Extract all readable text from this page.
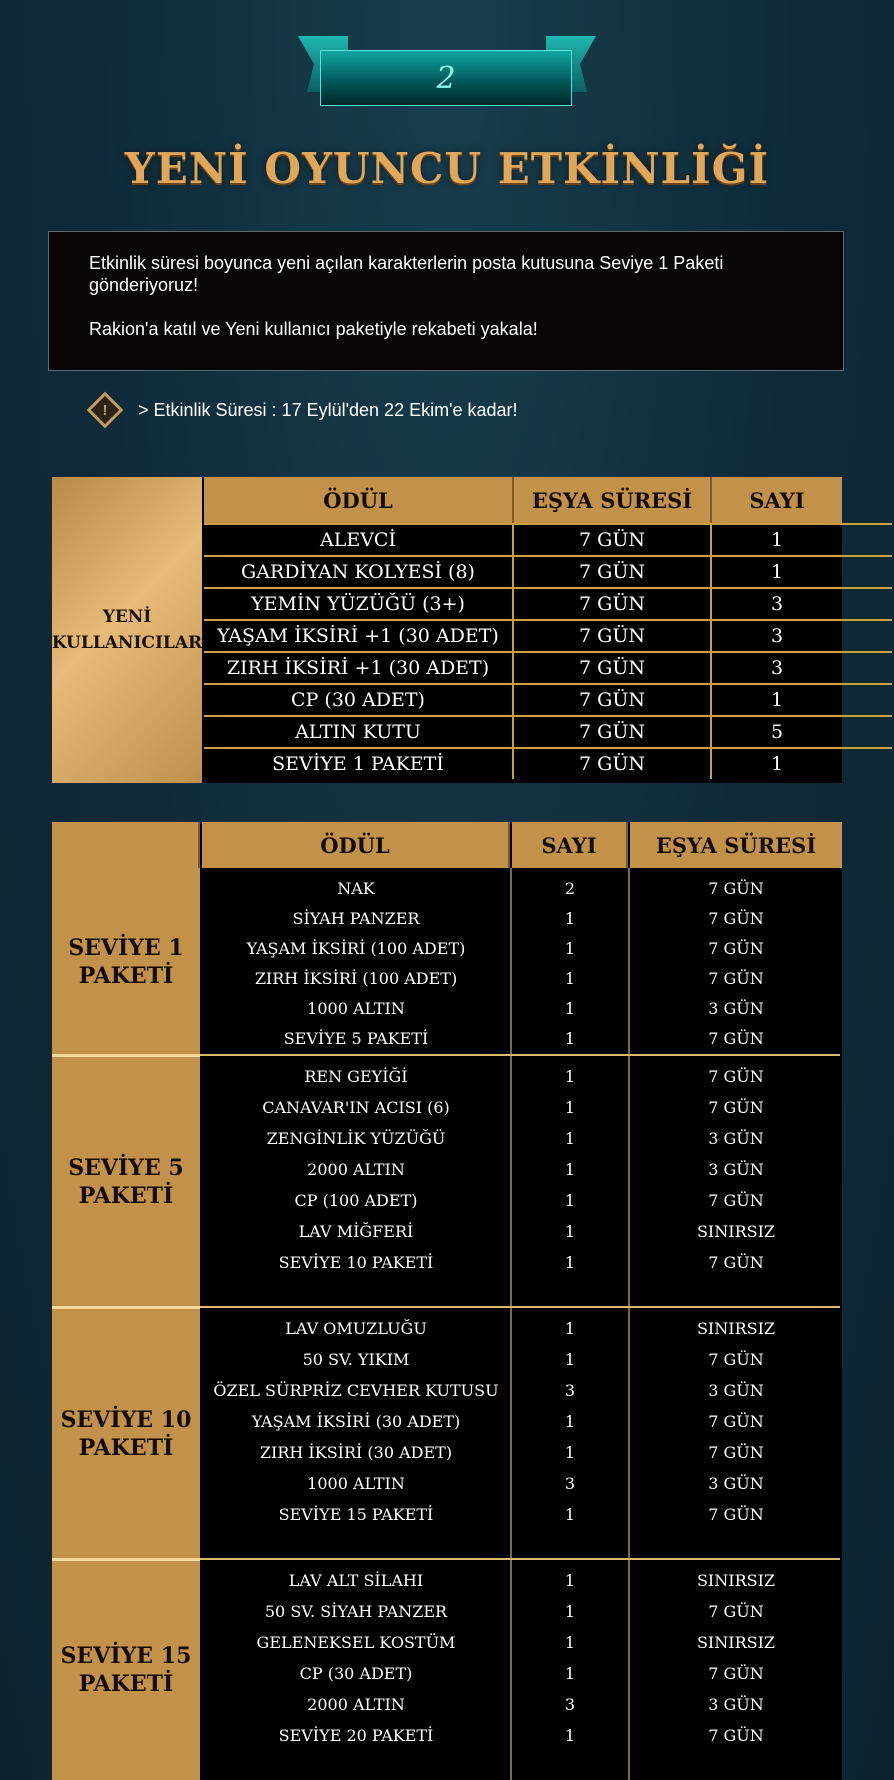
2
YENİ OYUNCU ETKİNLİĞİ

Etkinlik süresi boyunca yeni açılan karakterlerin posta kutusuna Seviye 1 Paketi gönderiyoruz!

Rakion'a katıl ve Yeni kullanıcı paketiyle rekabeti yakala!

! > Etkinlik Süresi : 17 Eylül'den 22 Ekim'e kadar!
YENİ
KULLANICILAR
ÖDÜL	EŞYA SÜRESİ	SAYI
ALEVCİ	7 GÜN	1
GARDİYAN KOLYESİ (8)	7 GÜN	1
YEMİN YÜZÜĞÜ (3+)	7 GÜN	3
YAŞAM İKSİRİ +1 (30 ADET)	7 GÜN	3
ZIRH İKSİRİ +1 (30 ADET)	7 GÜN	3
CP (30 ADET)	7 GÜN	1
ALTIN KUTU	7 GÜN	5
SEVİYE 1 PAKETİ	7 GÜN	1
ÖDÜL	SAYI	EŞYA SÜRESİ
SEVİYE 1
PAKETİ
NAK	2	7 GÜN
SİYAH PANZER	1	7 GÜN
YAŞAM İKSİRİ (100 ADET)	1	7 GÜN
ZIRH İKSİRİ (100 ADET)	1	7 GÜN
1000 ALTIN	1	3 GÜN
SEVİYE 5 PAKETİ	1	7 GÜN
SEVİYE 5
PAKETİ
REN GEYİĞİ	1	7 GÜN
CANAVAR'IN ACISI (6)	1	7 GÜN
ZENGİNLİK YÜZÜĞÜ	1	3 GÜN
2000 ALTIN	1	3 GÜN
CP (100 ADET)	1	7 GÜN
LAV MİĞFERİ	1	SINIRSIZ
SEVİYE 10 PAKETİ	1	7 GÜN
SEVİYE 10
PAKETİ
LAV OMUZLUĞU	1	SINIRSIZ
50 SV. YIKIM	1	7 GÜN
ÖZEL SÜRPRİZ CEVHER KUTUSU	3	3 GÜN
YAŞAM İKSİRİ (30 ADET)	1	7 GÜN
ZIRH İKSİRİ (30 ADET)	1	7 GÜN
1000 ALTIN	3	3 GÜN
SEVİYE 15 PAKETİ	1	7 GÜN
SEVİYE 15
PAKETİ
LAV ALT SİLAHI	1	SINIRSIZ
50 SV. SİYAH PANZER	1	7 GÜN
GELENEKSEL KOSTÜM	1	SINIRSIZ
CP (30 ADET)	1	7 GÜN
2000 ALTIN	3	3 GÜN
SEVİYE 20 PAKETİ	1	7 GÜN
